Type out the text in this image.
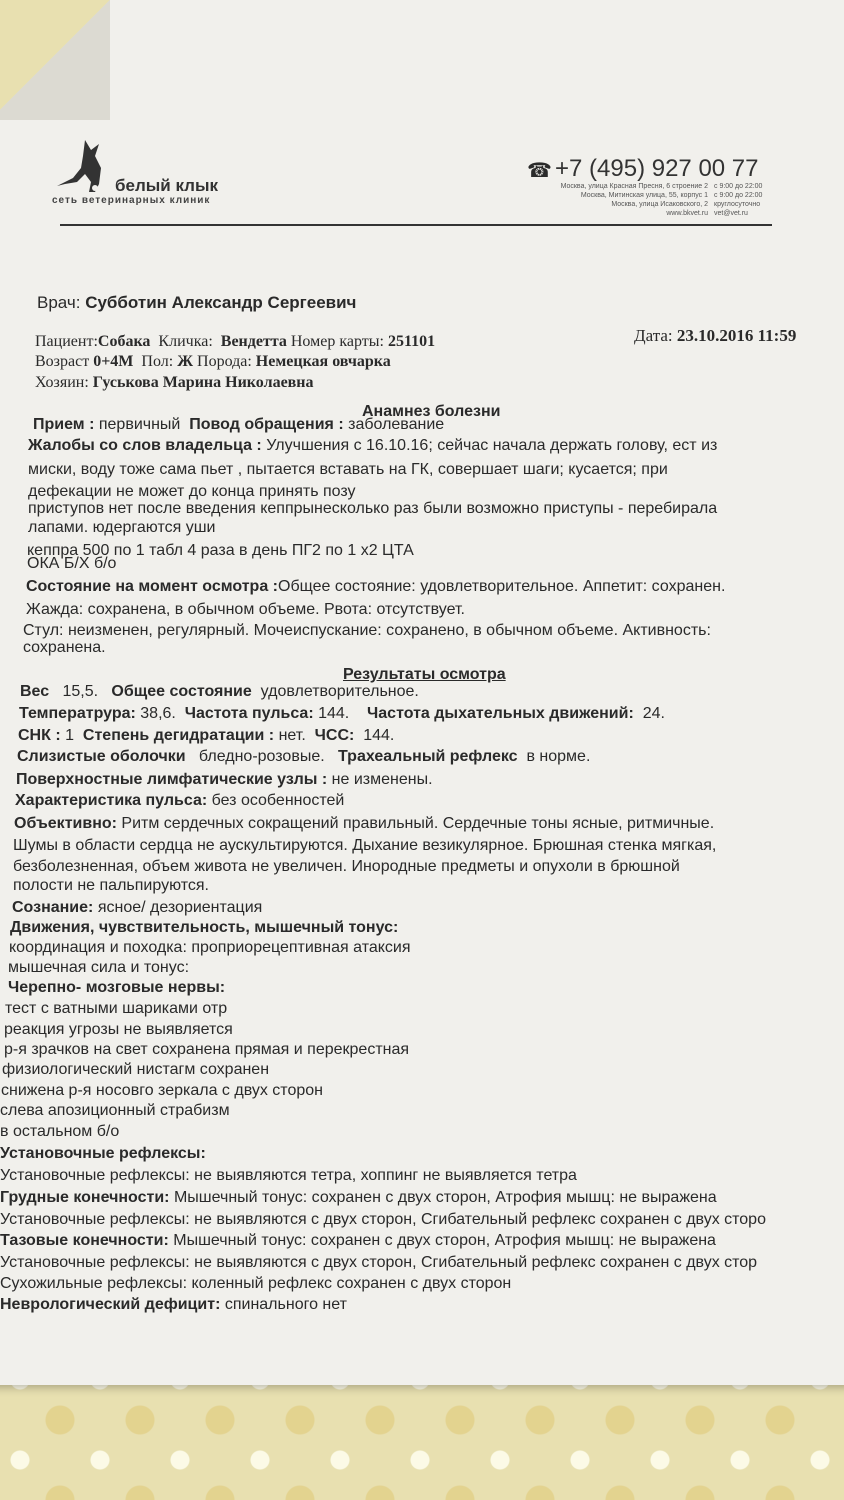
белый клык
сеть ветеринарных клиник
☎ +7 (495) 927 00 77
Москва, улица Красная Пресня, 6 строение 2
Москва, Митинская улица, 55, корпус 1
Москва, улица Исаковского, 2
www.bkvet.ru
с 9:00 до 22:00
с 9:00 до 22:00
круглосуточно
vet@vet.ru
Врач: Субботин Александр Сергеевич
Дата: 23.10.2016 11:59
Пациент:Собака Кличка: Вендетта Номер карты: 251101
Возраст 0+4М Пол: Ж Порода: Немецкая овчарка
Хозяин: Гуськова Марина Николаевна
Анамнез болезни
Прием : первичный Повод обращения : заболевание
Жалобы со слов владельца : Улучшения с 16.10.16; сейчас начала держать голову, ест из
миски, воду тоже сама пьет , пытается вставать на ГК, совершает шаги; кусается; при
дефекации не может до конца принять позу
приступов нет после введения кеппрынесколько раз были возможно приступы - перебирала
лапами. юдергаются уши
кеппра 500 по 1 табл 4 раза в день ПГ2 по 1 х2 ЦТА
ОКА Б/Х б/о
Состояние на момент осмотра :Общее состояние: удовлетворительное. Аппетит: сохранен.
Жажда: сохранена, в обычном объеме. Рвота: отсутствует.
Стул: неизменен, регулярный. Мочеиспускание: сохранено, в обычном объеме. Активность:
сохранена.
Результаты осмотра
Вес 15,5. Общее состояние удовлетворительное.
Температрура: 38,6. Частота пульса: 144. Частота дыхательных движений: 24.
СНК : 1 Степень дегидратации : нет. ЧСС: 144.
Слизистые оболочки бледно-розовые. Трахеальный рефлекс в норме.
Поверхностные лимфатические узлы : не изменены.
Характеристика пульса: без особенностей
Объективно: Ритм сердечных сокращений правильный. Сердечные тоны ясные, ритмичные.
Шумы в области сердца не аускультируются. Дыхание везикулярное. Брюшная стенка мягкая,
безболезненная, объем живота не увеличен. Инородные предметы и опухоли в брюшной
полости не пальпируются.
Сознание: ясное/ дезориентация
Движения, чувствительность, мышечный тонус:
координация и походка: проприорецептивная атаксия
мышечная сила и тонус:
Черепно- мозговые нервы:
тест с ватными шариками отр
реакция угрозы не выявляется
р-я зрачков на свет сохранена прямая и перекрестная
физиологический нистагм сохранен
снижена р-я носовго зеркала с двух сторон
слева апозиционный страбизм
в остальном б/о
Установочные рефлексы:
Установочные рефлексы: не выявляются тетра, хоппинг не выявляется тетра
Грудные конечности: Мышечный тонус: сохранен с двух сторон, Атрофия мышц: не выражена
Установочные рефлексы: не выявляются с двух сторон, Сгибательный рефлекс сохранен с двух сторо
Тазовые конечности: Мышечный тонус: сохранен с двух сторон, Атрофия мышц: не выражена
Установочные рефлексы: не выявляются с двух сторон, Сгибательный рефлекс сохранен с двух стор
Сухожильные рефлексы: коленный рефлекс сохранен с двух сторон
Неврологический дефицит: спинального нет
